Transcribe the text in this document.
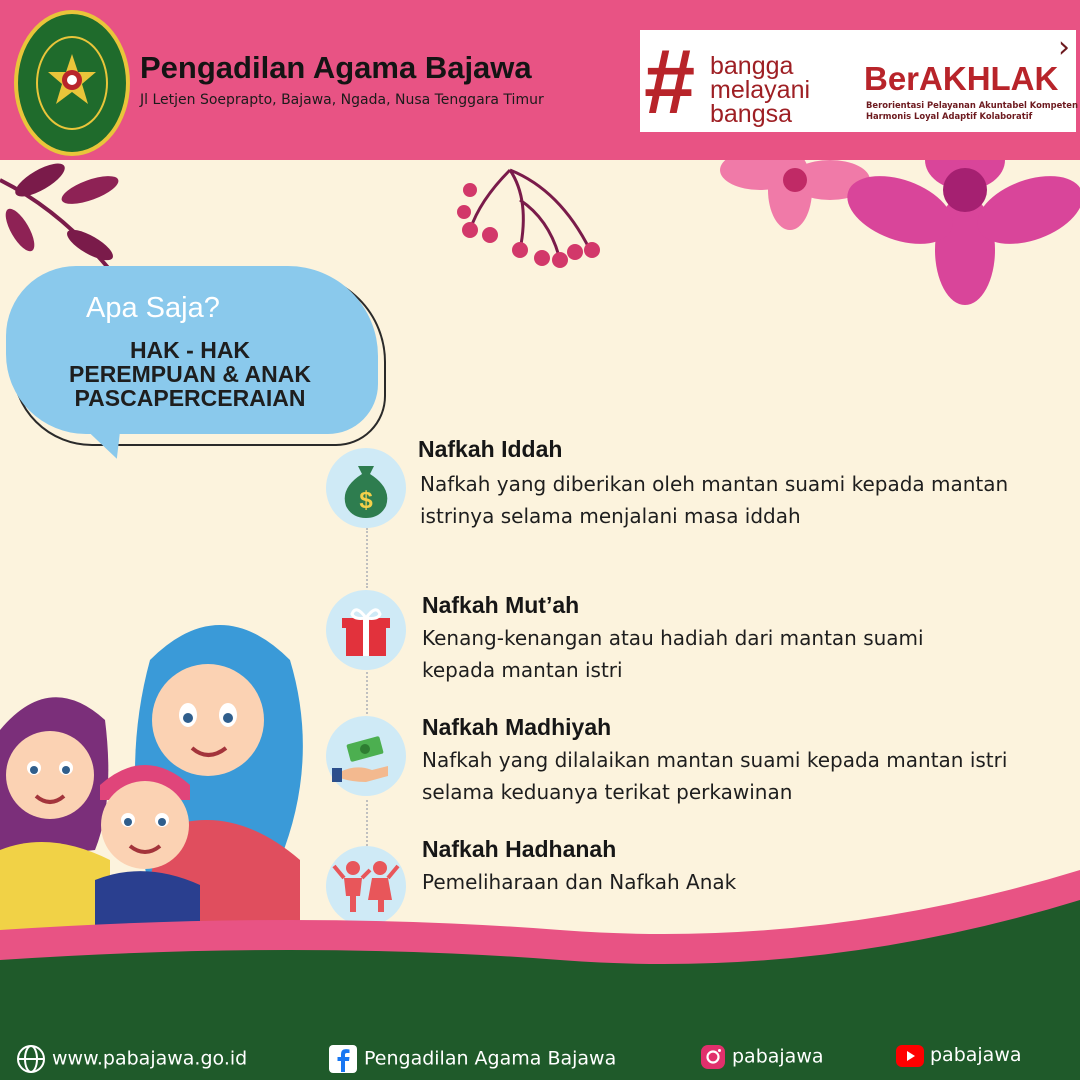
Pengadilan Agama Bajawa
Jl Letjen Soeprapto, Bajawa, Ngada, Nusa Tenggara Timur # bangga
melayani
bangsa
BerAKHLAK
Berorientasi Pelayanan Akuntabel Kompeten
Harmonis Loyal Adaptif Kolaboratif
›
Apa Saja?
HAK - HAK
PEREMPUAN & ANAK
PASCAPERCERAIAN
$
Nafkah Iddah
Nafkah yang diberikan oleh mantan suami kepada mantan istrinya selama menjalani masa iddah
Nafkah Mut’ah
Kenang-kenangan atau hadiah dari mantan suami kepada mantan istri
Nafkah Madhiyah
Nafkah yang dilalaikan mantan suami kepada mantan istri selama keduanya terikat perkawinan
Nafkah Hadhanah
Pemeliharaan dan Nafkah Anak
www.pabajawa.go.id	Pengadilan Agama Bajawa	pabajawa	pabajawa
